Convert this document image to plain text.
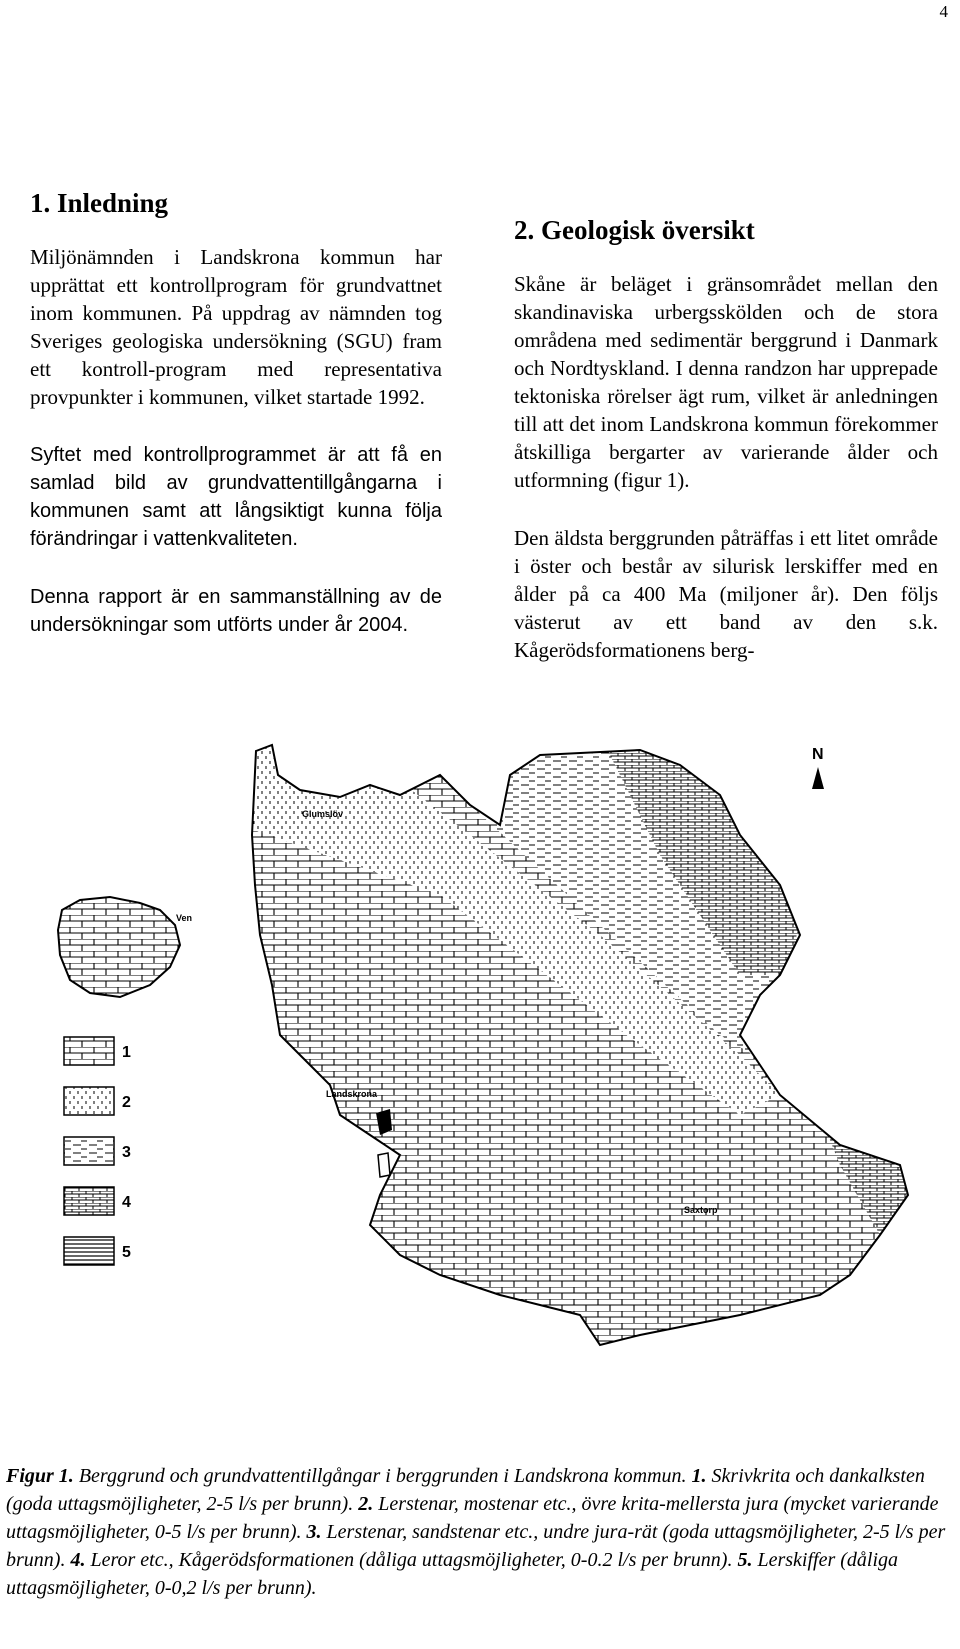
4
1. Inledning

Miljönämnden i Landskrona kommun har upprättat ett kontrollprogram för grundvattnet inom kommunen. På uppdrag av nämnden tog Sveriges geologiska undersökning (SGU) fram ett kontroll-program med representativa provpunkter i kommunen, vilket startade 1992.

Syftet med kontrollprogrammet är att få en samlad bild av grundvattentillgångarna i kommunen samt att långsiktigt kunna följa förändringar i vattenkvaliteten.

Denna rapport är en sammanställning av de undersökningar som utförts under år 2004.

2. Geologisk översikt

Skåne är beläget i gränsområdet mellan den skandinaviska urbergsskölden och de stora områdena med sedimentär berggrund i Danmark och Nordtyskland. I denna randzon har upprepade tektoniska rörelser ägt rum, vilket är anledningen till att det inom Landskrona kommun förekommer åtskilliga bergarter av varierande ålder och utformning (figur 1).

Den äldsta berggrunden påträffas i ett litet område i öster och består av silurisk lerskiffer med en ålder på ca 400 Ma (miljoner år). Den följs västerut av ett band av den s.k. Kågerödsformationens berg-

N
Glumslöv
Ven
Landskrona
Saxtorp
1
2
3
4
5
Figur 1. Berggrund och grundvattentillgångar i berggrunden i Landskrona kommun. 1. Skrivkrita och dankalksten (goda uttagsmöjligheter, 2-5 l/s per brunn). 2. Lerstenar, mostenar etc., övre krita-mellersta jura (mycket varierande uttagsmöjligheter, 0-5 l/s per brunn). 3. Lerstenar, sandstenar etc., undre jura-rät (goda uttagsmöjligheter, 2-5 l/s per brunn). 4. Leror etc., Kågerödsformationen (dåliga uttagsmöjligheter, 0-0.2 l/s per brunn). 5. Lerskiffer (dåliga uttagsmöjligheter, 0-0,2 l/s per brunn).
